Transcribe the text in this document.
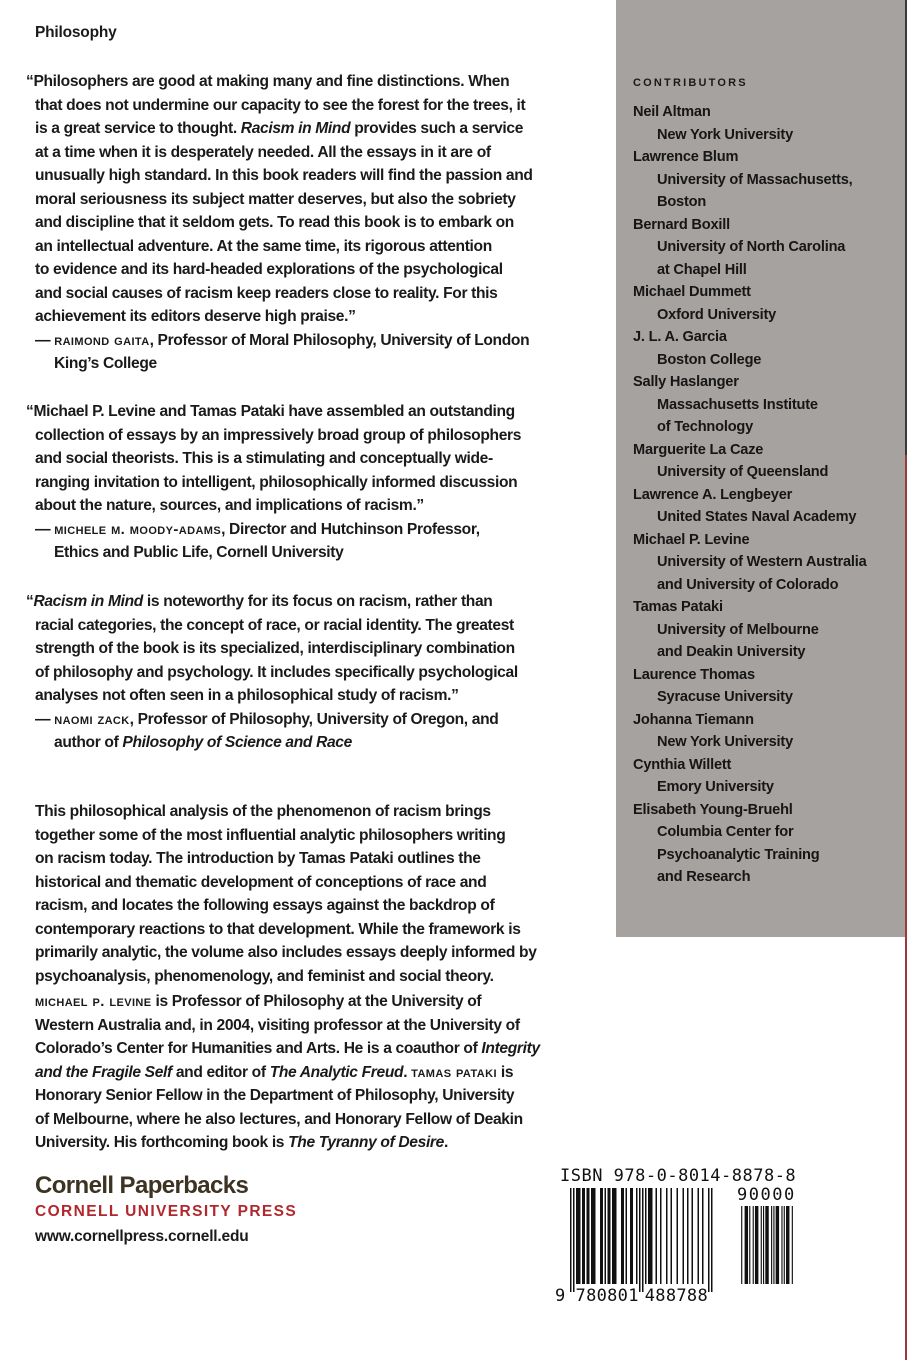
CONTRIBUTORS
Neil Altman
New York University
Lawrence Blum
University of Massachusetts,
Boston
Bernard Boxill
University of North Carolina
at Chapel Hill
Michael Dummett
Oxford University
J. L. A. Garcia
Boston College
Sally Haslanger
Massachusetts Institute
of Technology
Marguerite La Caze
University of Queensland
Lawrence A. Lengbeyer
United States Naval Academy
Michael P. Levine
University of Western Australia
and University of Colorado
Tamas Pataki
University of Melbourne
and Deakin University
Laurence Thomas
Syracuse University
Johanna Tiemann
New York University
Cynthia Willett
Emory University
Elisabeth Young-Bruehl
Columbia Center for
Psychoanalytic Training
and Research
Philosophy
“Philosophers are good at making many and fine distinctions. When
that does not undermine our capacity to see the forest for the trees, it
is a great service to thought. Racism in Mind provides such a service
at a time when it is desperately needed. All the essays in it are of
unusually high standard. In this book readers will find the passion and
moral seriousness its subject matter deserves, but also the sobriety
and discipline that it seldom gets. To read this book is to embark on
an intellectual adventure. At the same time, its rigorous attention
to evidence and its hard-headed explorations of the psychological
and social causes of racism keep readers close to reality. For this
achievement its editors deserve high praise.”
— raimond gaita, Professor of Moral Philosophy, University of London
King’s College
“Michael P. Levine and Tamas Pataki have assembled an outstanding
collection of essays by an impressively broad group of philosophers
and social theorists. This is a stimulating and conceptually wide-
ranging invitation to intelligent, philosophically informed discussion
about the nature, sources, and implications of racism.”
— michele m. moody-adams, Director and Hutchinson Professor,
Ethics and Public Life, Cornell University
“Racism in Mind is noteworthy for its focus on racism, rather than
racial categories, the concept of race, or racial identity. The greatest
strength of the book is its specialized, interdisciplinary combination
of philosophy and psychology. It includes specifically psychological
analyses not often seen in a philosophical study of racism.”
— naomi zack, Professor of Philosophy, University of Oregon, and
author of Philosophy of Science and Race
This philosophical analysis of the phenomenon of racism brings
together some of the most influential analytic philosophers writing
on racism today. The introduction by Tamas Pataki outlines the
historical and thematic development of conceptions of race and
racism, and locates the following essays against the backdrop of
contemporary reactions to that development. While the framework is
primarily analytic, the volume also includes essays deeply informed by
psychoanalysis, phenomenology, and feminist and social theory.
michael p. levine is Professor of Philosophy at the University of
Western Australia and, in 2004, visiting professor at the University of
Colorado’s Center for Humanities and Arts. He is a coauthor of Integrity
and the Fragile Self and editor of The Analytic Freud. tamas pataki is
Honorary Senior Fellow in the Department of Philosophy, University
of Melbourne, where he also lectures, and Honorary Fellow of Deakin
University. His forthcoming book is The Tyranny of Desire.
Cornell Paperbacks
CORNELL UNIVERSITY PRESS
www.cornellpress.cornell.edu
ISBN 978-0-8014-8878-8
90000
9 780801 488788
